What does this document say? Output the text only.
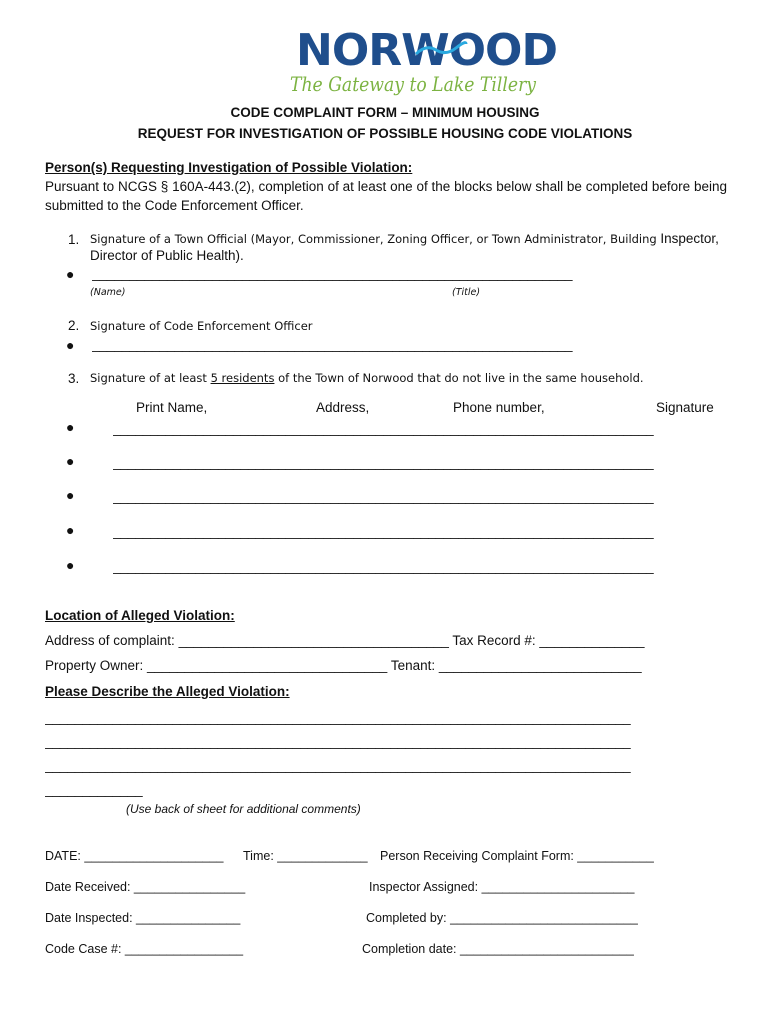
NORWOOD
The Gateway to Lake Tillery
CODE COMPLAINT FORM – MINIMUM HOUSING
REQUEST FOR INVESTIGATION OF POSSIBLE HOUSING CODE VIOLATIONS
Person(s) Requesting Investigation of Possible Violation:
Pursuant to NCGS § 160A-443.(2), completion of at least one of the blocks below shall be completed before being submitted to the Code Enforcement Officer.
1. Signature of a Town Official (Mayor, Commissioner, Zoning Officer, or Town Administrator, Building Inspector,
Director of Public Health).
● ________________________________________________________________
(Name)	(Title)
2. Signature of Code Enforcement Officer
● ________________________________________________________________
3. Signature of at least 5 residents of the Town of Norwood that do not live in the same household.
Print Name,	Address,	Phone number,	Signature
●	________________________________________________________________________
●	________________________________________________________________________
●	________________________________________________________________________
●	________________________________________________________________________
●	________________________________________________________________________
Location of Alleged Violation:
Address of complaint: ____________________________________ Tax Record #: ______________
Property Owner: ________________________________ Tenant: ___________________________
Please Describe the Alleged Violation:
______________________________________________________________________________
______________________________________________________________________________
______________________________________________________________________________
_____________
(Use back of sheet for additional comments)
DATE: ____________________ Time: _____________ Person Receiving Complaint Form: ___________
Date Received: ________________	Inspector Assigned: ______________________
Date Inspected: _______________	Completed by: ___________________________
Code Case #: _________________	Completion date: _________________________
